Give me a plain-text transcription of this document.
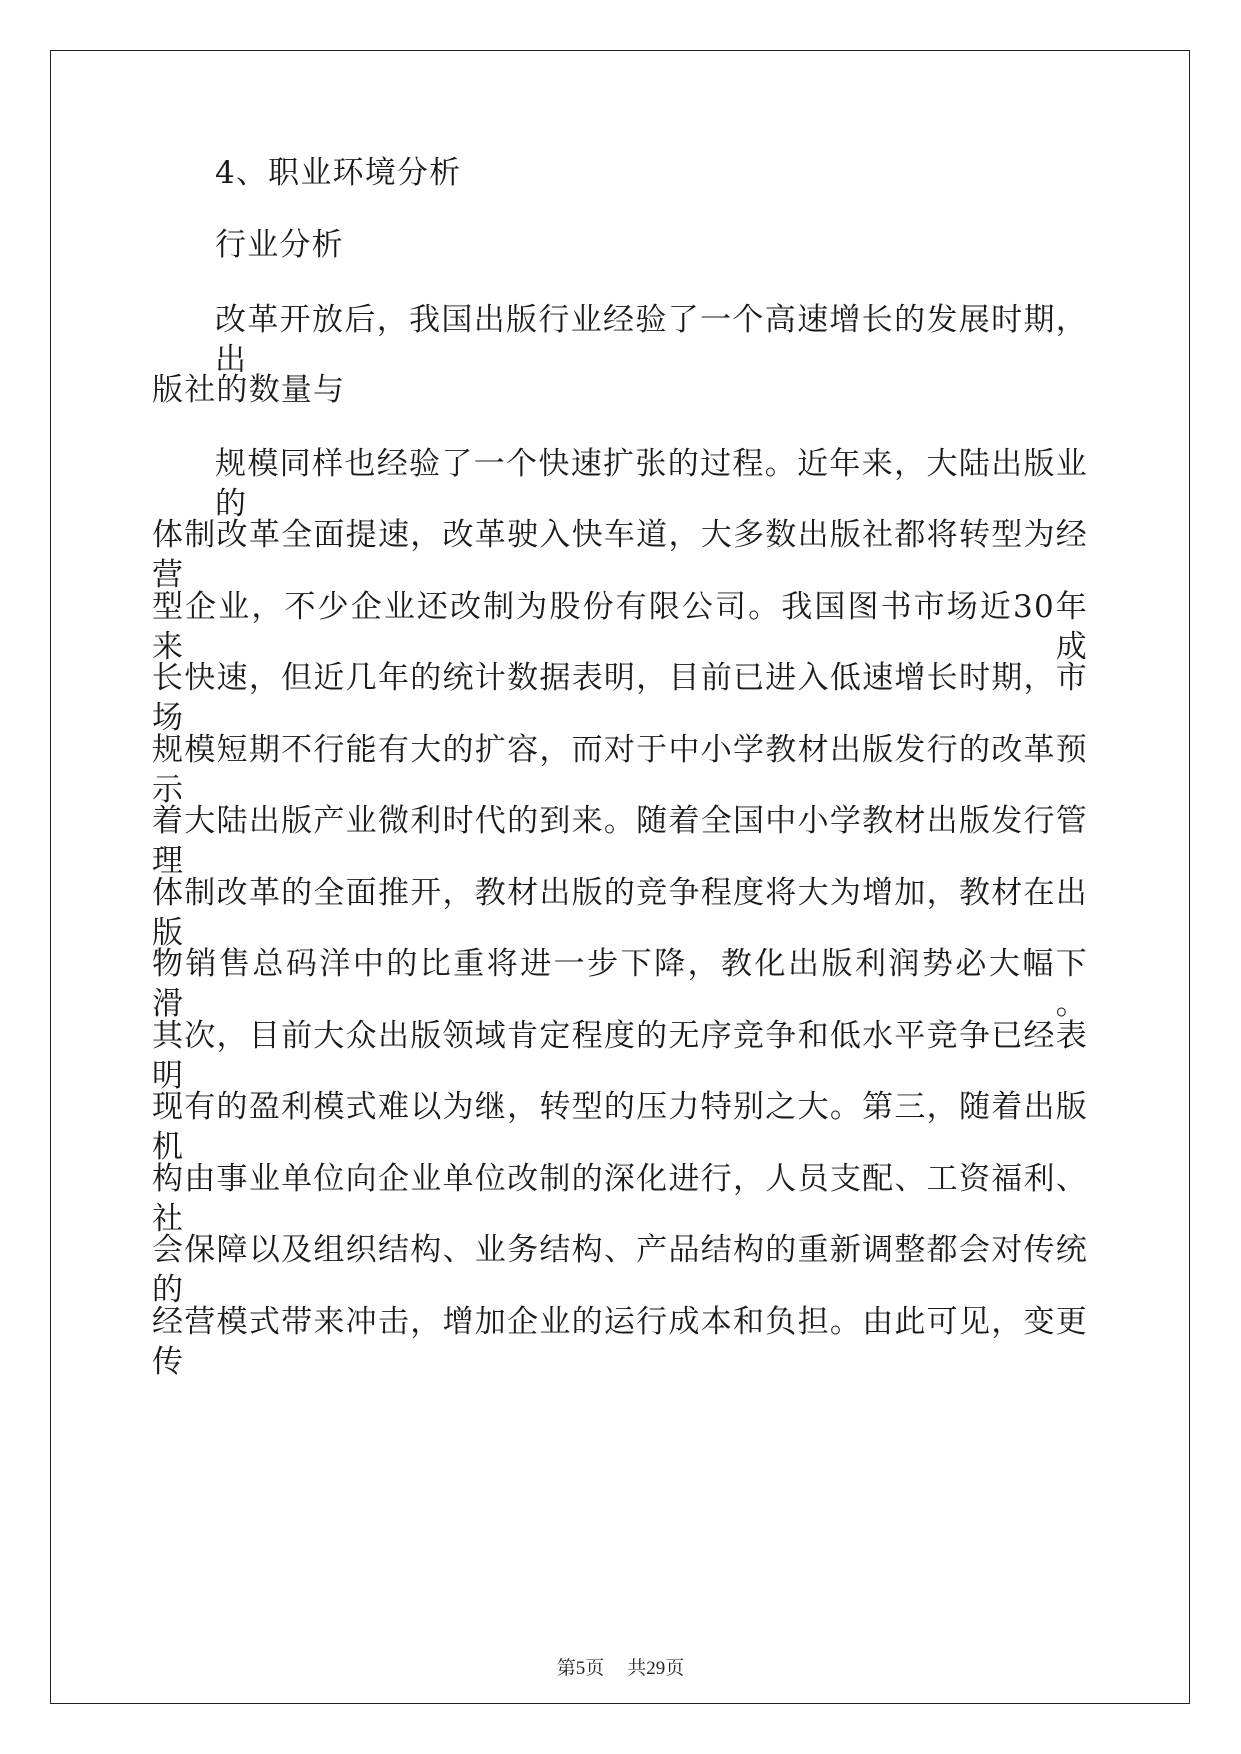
4、职业环境分析
行业分析
改革开放后，我国出版行业经验了一个高速增长的发展时期，出
版社的数量与
规模同样也经验了一个快速扩张的过程。近年来，大陆出版业的
体制改革全面提速，改革驶入快车道，大多数出版社都将转型为经营
型企业，不少企业还改制为股份有限公司。我国图书市场近30年来成
长快速，但近几年的统计数据表明，目前已进入低速增长时期，市场
规模短期不行能有大的扩容，而对于中小学教材出版发行的改革预示
着大陆出版产业微利时代的到来。随着全国中小学教材出版发行管理
体制改革的全面推开，教材出版的竞争程度将大为增加，教材在出版
物销售总码洋中的比重将进一步下降，教化出版利润势必大幅下滑。
其次，目前大众出版领域肯定程度的无序竞争和低水平竞争已经表明
现有的盈利模式难以为继，转型的压力特别之大。第三，随着出版机
构由事业单位向企业单位改制的深化进行，人员支配、工资福利、社
会保障以及组织结构、业务结构、产品结构的重新调整都会对传统的
经营模式带来冲击，增加企业的运行成本和负担。由此可见，变更传
第5页 共29页
